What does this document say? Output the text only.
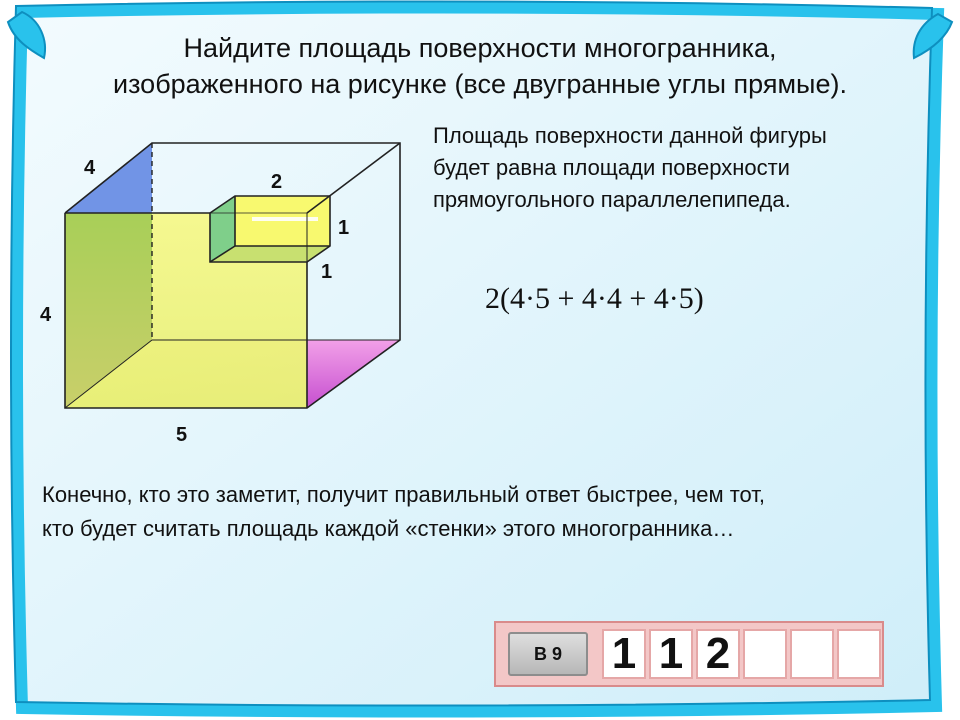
4
4
5
2
1
1
Найдите площадь поверхности многогранника,
изображенного на рисунке (все двугранные углы прямые).
Площадь поверхности данной фигуры
будет равна площади поверхности
прямоугольного параллелепипеда.
2(4·5 + 4·4 + 4·5)
Конечно, кто это заметит, получит правильный ответ быстрее, чем тот,
кто будет считать площадь каждой «стенки» этого многогранника…
В 9	1 1 2
